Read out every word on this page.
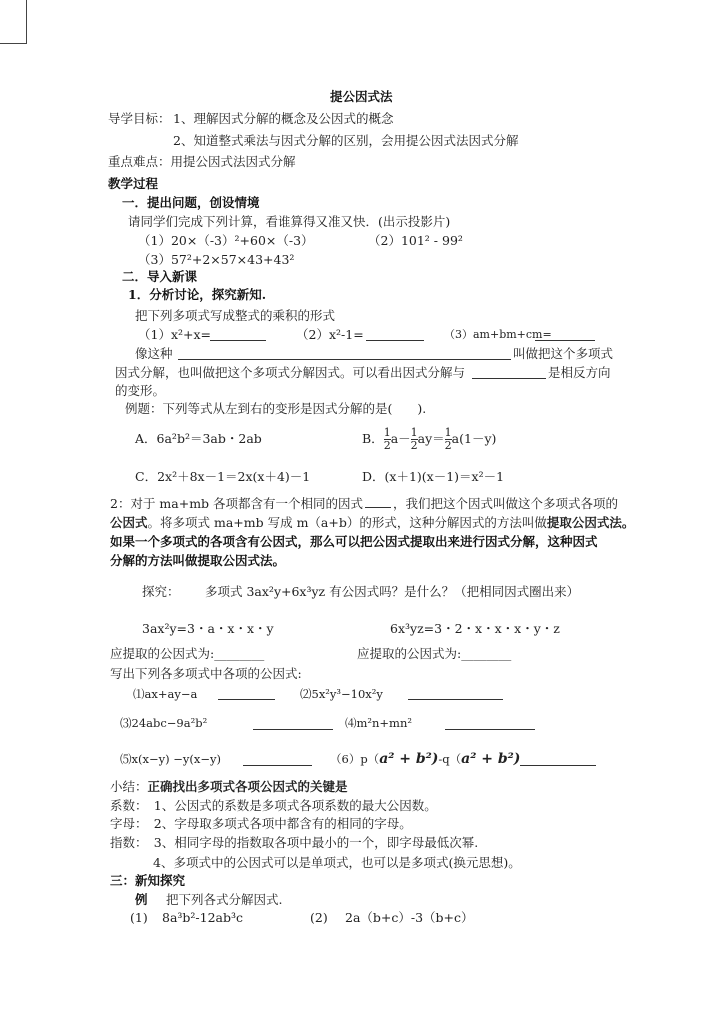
提公因式法
导学目标： 1、理解因式分解的概念及公因式的概念
2、知道整式乘法与因式分解的区别，会用提公因式法因式分解
重点难点：用提公因式法因式分解
教学过程
一．提出问题，创设情境
请同学们完成下列计算，看谁算得又准又快．(出示投影片)
（1）20×（-3）²+60×（-3）	（2）101² - 99²
（3）57²+2×57×43+43²
二．导入新课
1．分析讨论，探究新知.
把下列多项式写成整式的乘积的形式
（1）x²+x=	（2）x²-1=	（3）am+bm+cm=
像这种	叫做把这个多项式
因式分解，也叫做把这个多项式分解因式。可以看出因式分解与	是相反方向
的变形。
例题：下列等式从左到右的变形是因式分解的是(　　).
A．6a²b²＝3ab・2ab	B． $\frac{1}{2} a- \frac{1}{2} ay= \frac{1}{2} a(1-y)$
C．2x²＋8x－1＝2x(x＋4)－1	D．(x＋1)(x－1)＝x²－1
2：对于 ma+mb 各项都含有一个相同的因式 ，我们把这个因式叫做这个多项式各项的
公因式。将多项式 ma+mb 写成 m（a+b）的形式，这种分解因式的方法叫做提取公因式法。
如果一个多项式的各项含有公因式，那么可以把公因式提取出来进行因式分解，这种因式
分解的方法叫做提取公因式法。
探究： 多项式 3ax²y+6x³yz 有公因式吗？是什么？（把相同因式圈出来）
3ax²y=3・a・x・x・y	6x³yz=3・2・x・x・x・y・z
应提取的公因式为:________	应提取的公因式为:________
写出下列各多项式中各项的公因式:
⑴ax+ay−a	⑵5x²y³−10x²y
⑶24abc−9a²b²	⑷m²n+mn²
⑸x(x−y) −y(x−y)	（6）p（a² + b²)-q（a² + b²)
小结：正确找出多项式各项公因式的关键是
系数：　1、公因式的系数是多项式各项系数的最大公因数。
字母：　2、字母取多项式各项中都含有的相同的字母。
指数：　3、相同字母的指数取各项中最小的一个，即字母最低次幂.
4、多项式中的公因式可以是单项式，也可以是多项式(换元思想)。
三：新知探究
例 把下列各式分解因式.
(1) 8a³b²-12ab³c	(2) 2a（b+c）-3（b+c）
